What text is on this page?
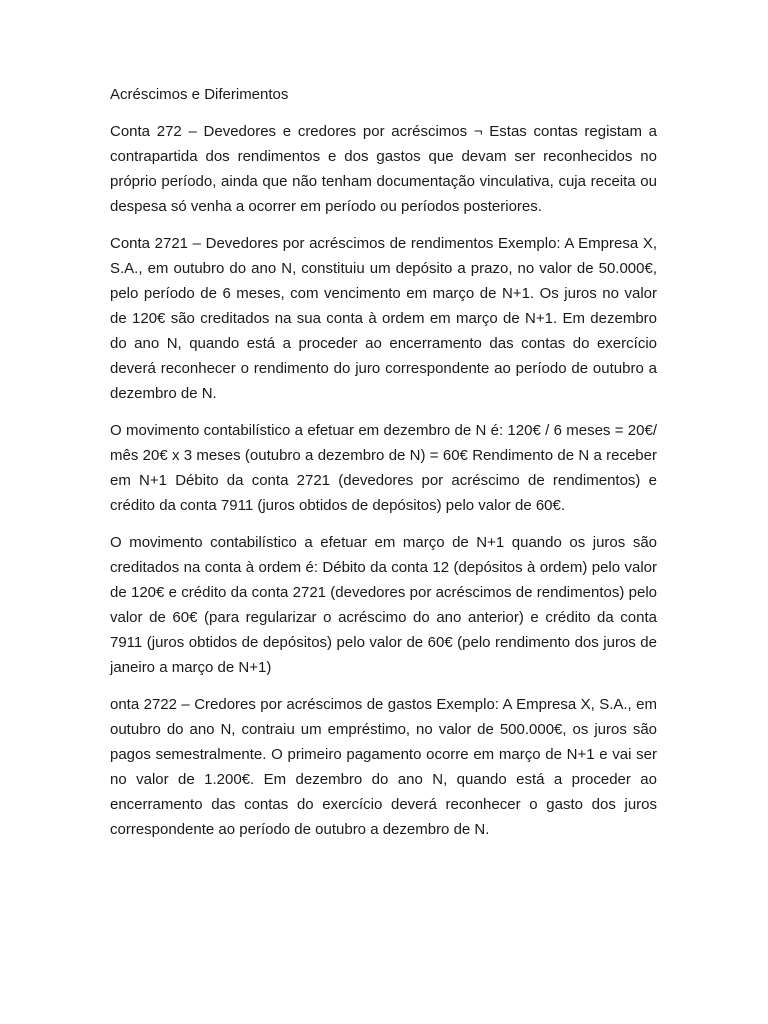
Acréscimos e Diferimentos

Conta 272 – Devedores e credores por acréscimos ¬ Estas contas registam a contrapartida dos rendimentos e dos gastos que devam ser reconhecidos no próprio período, ainda que não tenham documentação vinculativa, cuja receita ou despesa só venha a ocorrer em período ou períodos posteriores.

Conta 2721 – Devedores por acréscimos de rendimentos Exemplo: A Empresa X, S.A., em outubro do ano N, constituiu um depósito a prazo, no valor de 50.000€, pelo período de 6 meses, com vencimento em março de N+1. Os juros no valor de 120€ são creditados na sua conta à ordem em março de N+1. Em dezembro do ano N, quando está a proceder ao encerramento das contas do exercício deverá reconhecer o rendimento do juro correspondente ao período de outubro a dezembro de N.

O movimento contabilístico a efetuar em dezembro de N é: 120€ / 6 meses = 20€/ mês 20€ x 3 meses (outubro a dezembro de N) = 60€ Rendimento de N a receber em N+1 Débito da conta 2721 (devedores por acréscimo de rendimentos) e crédito da conta 7911 (juros obtidos de depósitos) pelo valor de 60€.

O movimento contabilístico a efetuar em março de N+1 quando os juros são creditados na conta à ordem é: Débito da conta 12 (depósitos à ordem) pelo valor de 120€ e crédito da conta 2721 (devedores por acréscimos de rendimentos) pelo valor de 60€ (para regularizar o acréscimo do ano anterior) e crédito da conta 7911 (juros obtidos de depósitos) pelo valor de 60€ (pelo rendimento dos juros de janeiro a março de N+1)

onta 2722 – Credores por acréscimos de gastos Exemplo: A Empresa X, S.A., em outubro do ano N, contraiu um empréstimo, no valor de 500.000€, os juros são pagos semestralmente. O primeiro pagamento ocorre em março de N+1 e vai ser no valor de 1.200€. Em dezembro do ano N, quando está a proceder ao encerramento das contas do exercício deverá reconhecer o gasto dos juros correspondente ao período de outubro a dezembro de N.
